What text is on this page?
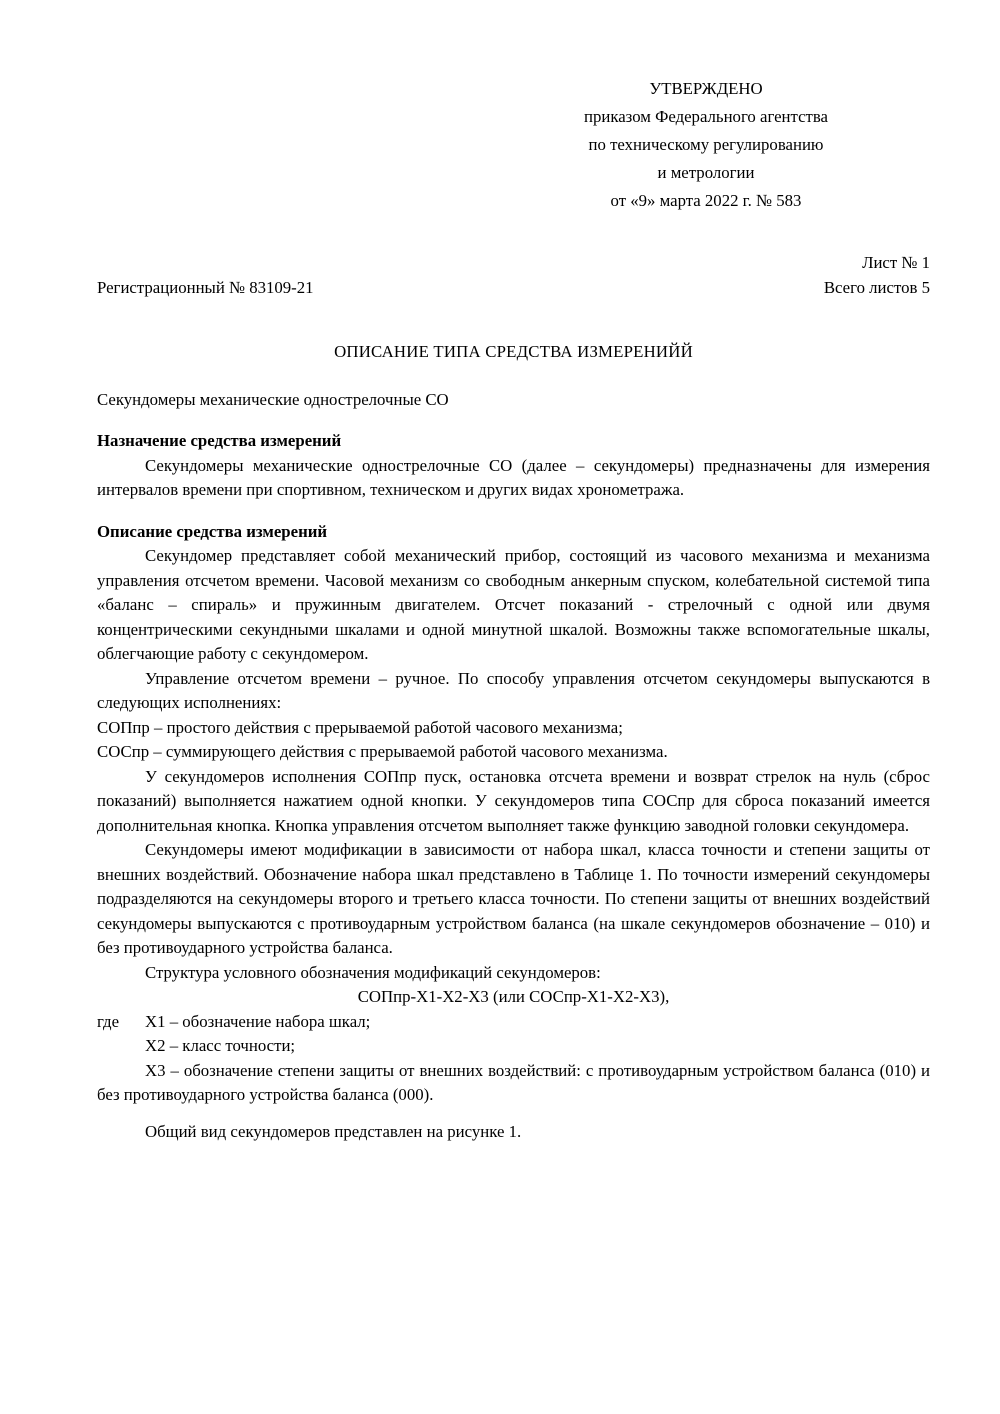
УТВЕРЖДЕНО
приказом Федерального агентства
по техническому регулированию
и метрологии
от «9» марта 2022 г. № 583
Лист № 1
Регистрационный № 83109-21	Всего листов 5
ОПИСАНИЕ ТИПА СРЕДСТВА ИЗМЕРЕНИЙЙ

Секундомеры механические однострелочные СО

Назначение средства измерений

Секундомеры механические однострелочные СО (далее – секундомеры) предназначены для измерения интервалов времени при спортивном, техническом и других видах хронометража.

Описание средства измерений

Секундомер представляет собой механический прибор, состоящий из часового механизма и механизма управления отсчетом времени. Часовой механизм со свободным анкерным спуском, колебательной системой типа «баланс – спираль» и пружинным двигателем. Отсчет показаний - стрелочный с одной или двумя концентрическими секундными шкалами и одной минутной шкалой. Возможны также вспомогательные шкалы, облегчающие работу с секундомером.

Управление отсчетом времени – ручное. По способу управления отсчетом секундомеры выпускаются в следующих исполнениях:

СОПпр – простого действия с прерываемой работой часового механизма;

СОСпр – суммирующего действия с прерываемой работой часового механизма.

У секундомеров исполнения СОПпр пуск, остановка отсчета времени и возврат стрелок на нуль (сброс показаний) выполняется нажатием одной кнопки. У секундомеров типа СОСпр для сброса показаний имеется дополнительная кнопка. Кнопка управления отсчетом выполняет также функцию заводной головки секундомера.

Секундомеры имеют модификации в зависимости от набора шкал, класса точности и степени защиты от внешних воздействий. Обозначение набора шкал представлено в Таблице 1. По точности измерений секундомеры подразделяются на секундомеры второго и третьего класса точности. По степени защиты от внешних воздействий секундомеры выпускаются с противоударным устройством баланса (на шкале секундомеров обозначение – 010) и без противоударного устройства баланса.

Структура условного обозначения модификаций секундомеров:

СОПпр-Х1-Х2-Х3 (или СОСпр-Х1-Х2-Х3),

где Х1 – обозначение набора шкал;

Х2 – класс точности;

Х3 – обозначение степени защиты от внешних воздействий: с противоударным устройством баланса (010) и без противоударного устройства баланса (000).

Общий вид секундомеров представлен на рисунке 1.
